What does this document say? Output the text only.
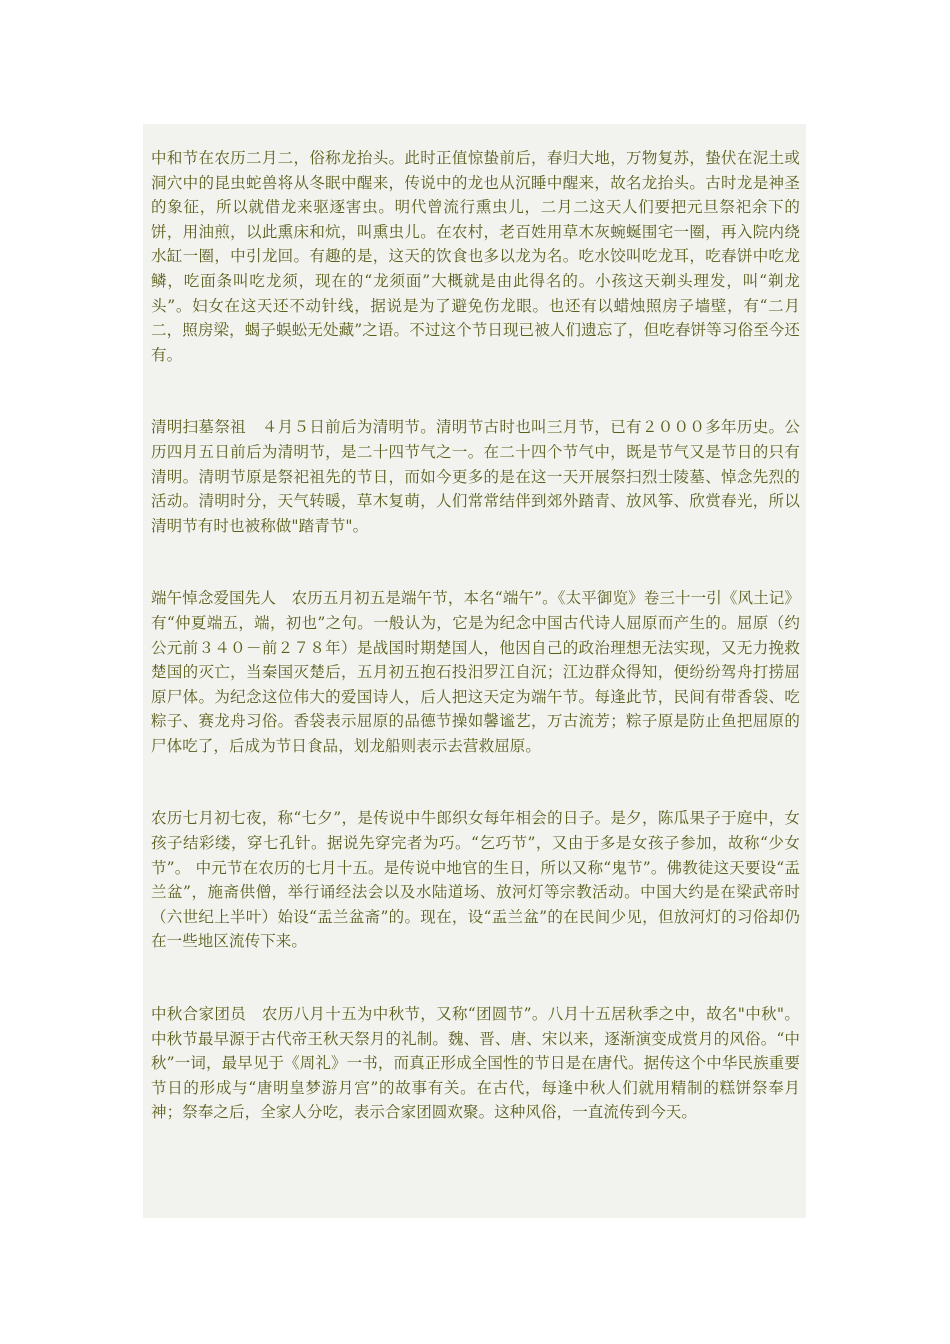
中和节在农历二月二，俗称龙抬头。此时正值惊蛰前后，春归大地，万物复苏，蛰伏在泥土或洞穴中的昆虫蛇兽将从冬眠中醒来，传说中的龙也从沉睡中醒来，故名龙抬头。古时龙是神圣的象征，所以就借龙来驱逐害虫。明代曾流行熏虫儿，二月二这天人们要把元旦祭祀余下的饼，用油煎，以此熏床和炕，叫熏虫儿。在农村，老百姓用草木灰蜿蜒围宅一圈，再入院内绕水缸一圈，中引龙回。有趣的是，这天的饮食也多以龙为名。吃水饺叫吃龙耳，吃春饼中吃龙鳞，吃面条叫吃龙须，现在的“龙须面”大概就是由此得名的。小孩这天剃头理发，叫“剃龙头”。妇女在这天还不动针线，据说是为了避免伤龙眼。也还有以蜡烛照房子墙壁，有“二月二，照房梁，蝎子蜈蚣无处藏”之语。不过这个节日现已被人们遗忘了，但吃春饼等习俗至今还有。

清明扫墓祭祖　４月５日前后为清明节。清明节古时也叫三月节，已有２０００多年历史。公历四月五日前后为清明节，是二十四节气之一。在二十四个节气中，既是节气又是节日的只有清明。清明节原是祭祀祖先的节日，而如今更多的是在这一天开展祭扫烈士陵墓、悼念先烈的活动。清明时分，天气转暖，草木复萌，人们常常结伴到郊外踏青、放风筝、欣赏春光，所以清明节有时也被称做"踏青节"。

端午悼念爱国先人　农历五月初五是端午节，本名“端午”。《太平御览》卷三十一引《风土记》有“仲夏端五，端，初也”之句。一般认为，它是为纪念中国古代诗人屈原而产生的。屈原（约公元前３４０－前２７８年）是战国时期楚国人，他因自己的政治理想无法实现，又无力挽救楚国的灭亡，当秦国灭楚后，五月初五抱石投汨罗江自沉；江边群众得知，便纷纷驾舟打捞屈原尸体。为纪念这位伟大的爱国诗人，后人把这天定为端午节。每逢此节，民间有带香袋、吃粽子、赛龙舟习俗。香袋表示屈原的品德节操如馨谧艺，万古流芳；粽子原是防止鱼把屈原的尸体吃了，后成为节日食品，划龙船则表示去营救屈原。

农历七月初七夜，称“七夕”，是传说中牛郎织女每年相会的日子。是夕，陈瓜果子于庭中，女孩子结彩缕，穿七孔针。据说先穿完者为巧。“乞巧节”，又由于多是女孩子参加，故称“少女节”。 中元节在农历的七月十五。是传说中地官的生日，所以又称“鬼节”。佛教徒这天要设“盂兰盆”，施斋供僧，举行诵经法会以及水陆道场、放河灯等宗教活动。中国大约是在梁武帝时（六世纪上半叶）始设“盂兰盆斋”的。现在，设“盂兰盆”的在民间少见，但放河灯的习俗却仍在一些地区流传下来。

中秋合家团员　农历八月十五为中秋节，又称“团圆节”。八月十五居秋季之中，故名"中秋"。中秋节最早源于古代帝王秋天祭月的礼制。魏、晋、唐、宋以来，逐渐演变成赏月的风俗。“中秋”一词，最早见于《周礼》一书，而真正形成全国性的节日是在唐代。据传这个中华民族重要节日的形成与“唐明皇梦游月宫”的故事有关。在古代，每逢中秋人们就用精制的糕饼祭奉月神；祭奉之后，全家人分吃，表示合家团圆欢聚。这种风俗，一直流传到今天。
